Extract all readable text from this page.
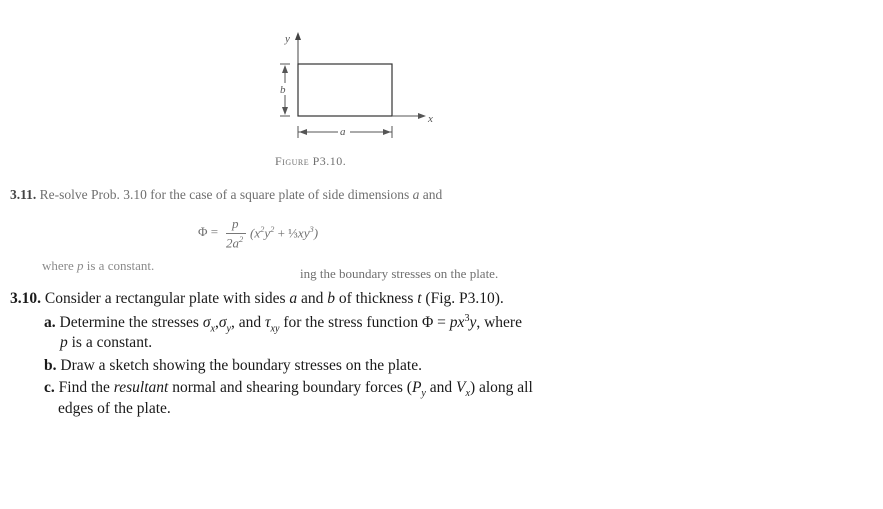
y
x
b
a
Figure P3.10.
3.11. Re-solve Prob. 3.10 for the case of a square plate of side dimensions a and
Φ =
p
$2a^2$ ($x^2y^2$ + $\frac{1}{3}xy^3$)
where p is a constant.
ing the boundary stresses on the plate.
3.10. Consider a rectangular plate with sides a and b of thickness t (Fig. P3.10).
a. Determine the stresses $\sigma_x,\sigma_y$, and $\tau_{xy}$ for the stress function $\Phi = px^3y$, where
p is a constant.
b. Draw a sketch showing the boundary stresses on the plate.
c. Find the resultant normal and shearing boundary forces ($P_y$ and $V_x$) along all
edges of the plate.
